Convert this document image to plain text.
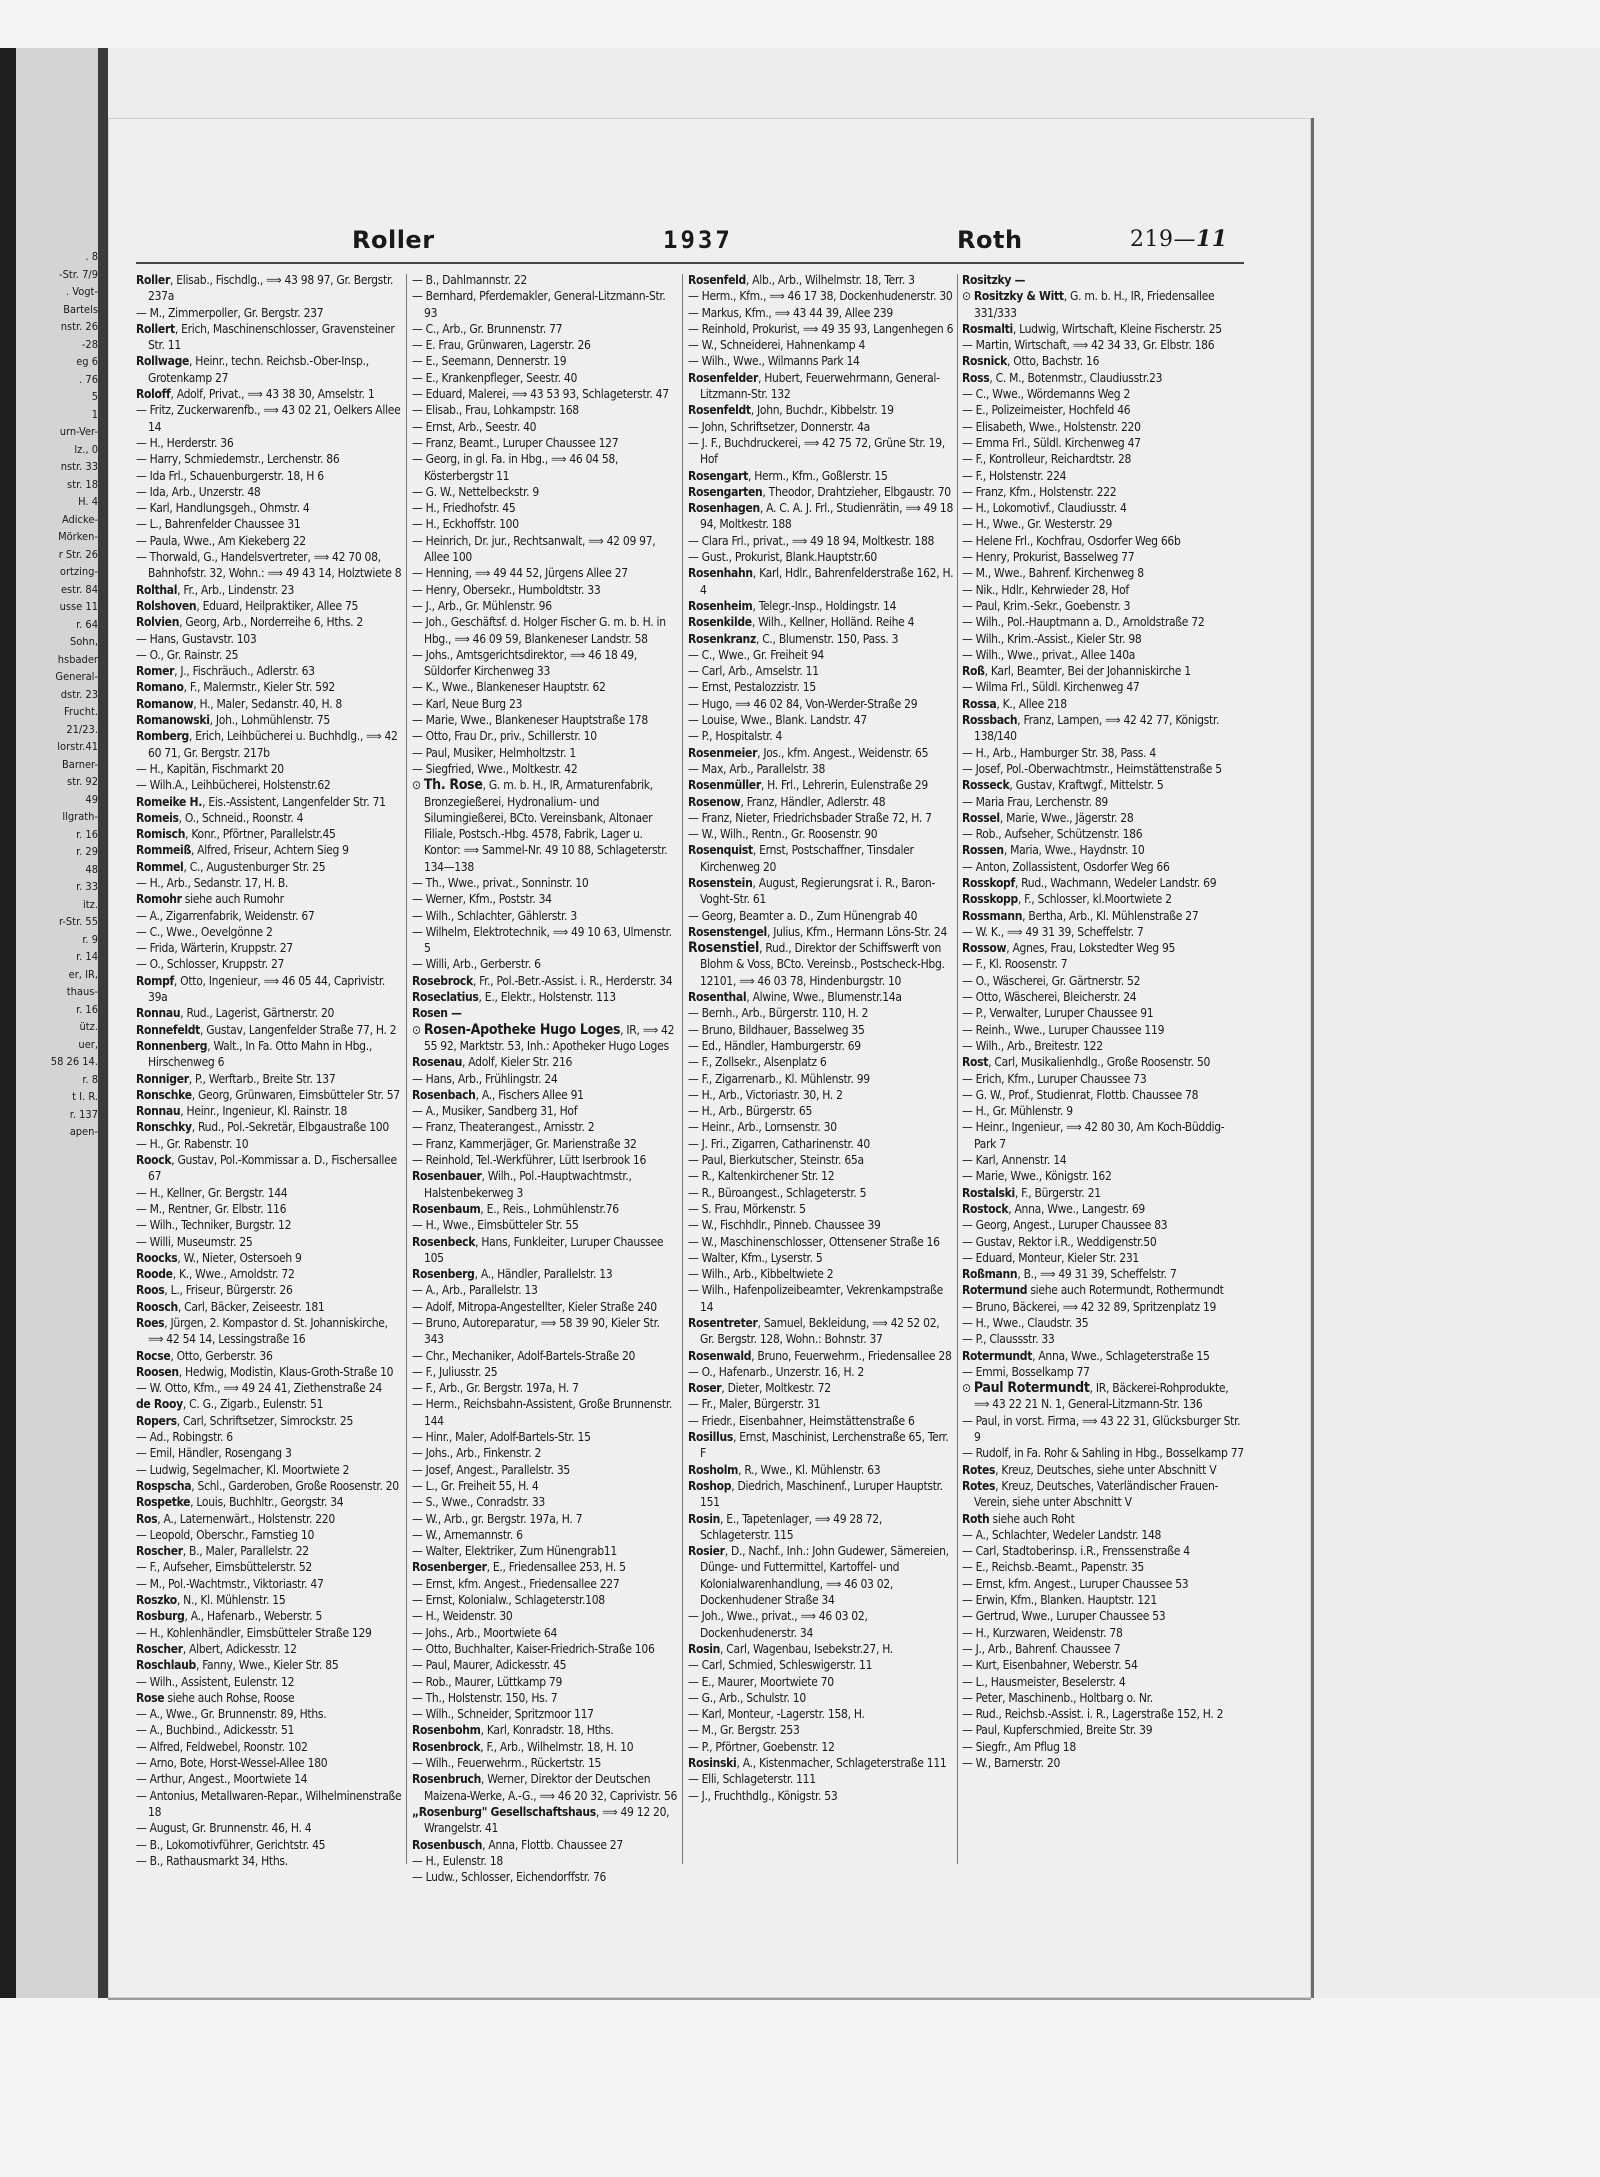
. 8
-Str. 7/9
. Vogt-
Bartels
nstr. 26
-28
eg 6
. 76
5
1
urn-Ver-
lz., 0
nstr. 33
str. 18
H. 4
Adicke-
Mörken-
r Str. 26
ortzing-
estr. 84
usse 11
r. 64
Sohn,
hsbader
General-
dstr. 23
Frucht.
21/23.
lorstr.41
Barner-
str. 92
49
llgrath-
r. 16
r. 29
48
r. 33
itz.
r-Str. 55
r. 9
r. 14
er, IR,
thaus-
r. 16
ütz.
uer,
58 26 14.
r. 8
t I. R.
r. 137
apen-
Roller	1937	Roth	219—11
Roller, Elisab., Fischdlg., ⟹ 43 98 97, Gr. Bergstr. 237a
— M., Zimmerpoller, Gr. Bergstr. 237
Rollert, Erich, Maschinenschlosser, Gravensteiner Str. 11
Rollwage, Heinr., techn. Reichsb.-Ober-Insp., Grotenkamp 27
Roloff, Adolf, Privat., ⟹ 43 38 30, Amselstr. 1
— Fritz, Zuckerwarenfb., ⟹ 43 02 21, Oelkers Allee 14
— H., Herderstr. 36
— Harry, Schmiedemstr., Lerchenstr. 86
— Ida Frl., Schauenburgerstr. 18, H 6
— Ida, Arb., Unzerstr. 48
— Karl, Handlungsgeh., Ohmstr. 4
— L., Bahrenfelder Chaussee 31
— Paula, Wwe., Am Kiekeberg 22
— Thorwald, G., Handelsvertreter, ⟹ 42 70 08, Bahnhofstr. 32, Wohn.: ⟹ 49 43 14, Holztwiete 8
Rolthal, Fr., Arb., Lindenstr. 23
Rolshoven, Eduard, Heilpraktiker, Allee 75
Rolvien, Georg, Arb., Norderreihe 6, Hths. 2
— Hans, Gustavstr. 103
— O., Gr. Rainstr. 25
Romer, J., Fischräuch., Adlerstr. 63
Romano, F., Malermstr., Kieler Str. 592
Romanow, H., Maler, Sedanstr. 40, H. 8
Romanowski, Joh., Lohmühlenstr. 75
Romberg, Erich, Leihbücherei u. Buchhdlg., ⟹ 42 60 71, Gr. Bergstr. 217b
— H., Kapitän, Fischmarkt 20
— Wilh.A., Leihbücherei, Holstenstr.62
Romeike H., Eis.-Assistent, Langenfelder Str. 71
Romeis, O., Schneid., Roonstr. 4
Romisch, Konr., Pförtner, Parallelstr.45
Rommeiß, Alfred, Friseur, Achtern Sieg 9
Rommel, C., Augustenburger Str. 25
— H., Arb., Sedanstr. 17, H. B.
Romohr siehe auch Rumohr
— A., Zigarrenfabrik, Weidenstr. 67
— C., Wwe., Oevelgönne 2
— Frida, Wärterin, Kruppstr. 27
— O., Schlosser, Kruppstr. 27
Rompf, Otto, Ingenieur, ⟹ 46 05 44, Caprivistr. 39a
Ronnau, Rud., Lagerist, Gärtnerstr. 20
Ronnefeldt, Gustav, Langenfelder Straße 77, H. 2
Ronnenberg, Walt., In Fa. Otto Mahn in Hbg., Hirschenweg 6
Ronniger, P., Werftarb., Breite Str. 137
Ronschke, Georg, Grünwaren, Eimsbütteler Str. 57
Ronnau, Heinr., Ingenieur, Kl. Rainstr. 18
Ronschky, Rud., Pol.-Sekretär, Elbgaustraße 100
— H., Gr. Rabenstr. 10
Roock, Gustav, Pol.-Kommissar a. D., Fischersallee 67
— H., Kellner, Gr. Bergstr. 144
— M., Rentner, Gr. Elbstr. 116
— Wilh., Techniker, Burgstr. 12
— Willi, Museumstr. 25
Roocks, W., Nieter, Ostersoeh 9
Roode, K., Wwe., Arnoldstr. 72
Roos, L., Friseur, Bürgerstr. 26
Roosch, Carl, Bäcker, Zeiseestr. 181
Roes, Jürgen, 2. Kompastor d. St. Johanniskirche, ⟹ 42 54 14, Lessingstraße 16
Rocse, Otto, Gerberstr. 36
Roosen, Hedwig, Modistin, Klaus-Groth-Straße 10
— W. Otto, Kfm., ⟹ 49 24 41, Ziethenstraße 24
de Rooy, C. G., Zigarb., Eulenstr. 51
Ropers, Carl, Schriftsetzer, Simrockstr. 25
— Ad., Robingstr. 6
— Emil, Händler, Rosengang 3
— Ludwig, Segelmacher, Kl. Moortwiete 2
Rospscha, Schl., Garderoben, Große Roosenstr. 20
Rospetke, Louis, Buchhltr., Georgstr. 34
Ros, A., Laternenwärt., Holstenstr. 220
— Leopold, Oberschr., Farnstieg 10
Roscher, B., Maler, Parallelstr. 22
— F., Aufseher, Eimsbüttelerstr. 52
— M., Pol.-Wachtmstr., Viktoriastr. 47
Roszko, N., Kl. Mühlenstr. 15
Rosburg, A., Hafenarb., Weberstr. 5
— H., Kohlenhändler, Eimsbütteler Straße 129
Roscher, Albert, Adickesstr. 12
Roschlaub, Fanny, Wwe., Kieler Str. 85
— Wilh., Assistent, Eulenstr. 12
Rose siehe auch Rohse, Roose
— A., Wwe., Gr. Brunnenstr. 89, Hths.
— A., Buchbind., Adickesstr. 51
— Alfred, Feldwebel, Roonstr. 102
— Arno, Bote, Horst-Wessel-Allee 180
— Arthur, Angest., Moortwiete 14
— Antonius, Metallwaren-Repar., Wilhelminenstraße 18
— August, Gr. Brunnenstr. 46, H. 4
— B., Lokomotivführer, Gerichtstr. 45
— B., Rathausmarkt 34, Hths.
— B., Dahlmannstr. 22
— Bernhard, Pferdemakler, General-Litzmann-Str. 93
— C., Arb., Gr. Brunnenstr. 77
— E. Frau, Grünwaren, Lagerstr. 26
— E., Seemann, Dennerstr. 19
— E., Krankenpfleger, Seestr. 40
— Eduard, Malerei, ⟹ 43 53 93, Schlageterstr. 47
— Elisab., Frau, Lohkampstr. 168
— Ernst, Arb., Seestr. 40
— Franz, Beamt., Luruper Chaussee 127
— Georg, in gl. Fa. in Hbg., ⟹ 46 04 58, Kösterbergstr 11
— G. W., Nettelbeckstr. 9
— H., Friedhofstr. 45
— H., Eckhoffstr. 100
— Heinrich, Dr. jur., Rechtsanwalt, ⟹ 42 09 97, Allee 100
— Henning, ⟹ 49 44 52, Jürgens Allee 27
— Henry, Obersekr., Humboldtstr. 33
— J., Arb., Gr. Mühlenstr. 96
— Joh., Geschäftsf. d. Holger Fischer G. m. b. H. in Hbg., ⟹ 46 09 59, Blankeneser Landstr. 58
— Johs., Amtsgerichtsdirektor, ⟹ 46 18 49, Süldorfer Kirchenweg 33
— K., Wwe., Blankeneser Hauptstr. 62
— Karl, Neue Burg 23
— Marie, Wwe., Blankeneser Hauptstraße 178
— Otto, Frau Dr., priv., Schillerstr. 10
— Paul, Musiker, Helmholtzstr. 1
— Siegfried, Wwe., Moltkestr. 42
⊙ Th. Rose, G. m. b. H., IR, Armaturenfabrik, Bronzegießerei, Hydronalium- und Silumingießerei, BCto. Vereinsbank, Altonaer Filiale, Postsch.-Hbg. 4578, Fabrik, Lager u. Kontor: ⟹ Sammel-Nr. 49 10 88, Schlageterstr. 134—138
— Th., Wwe., privat., Sonninstr. 10
— Werner, Kfm., Poststr. 34
— Wilh., Schlachter, Gählerstr. 3
— Wilhelm, Elektrotechnik, ⟹ 49 10 63, Ulmenstr. 5
— Willi, Arb., Gerberstr. 6
Rosebrock, Fr., Pol.-Betr.-Assist. i. R., Herderstr. 34
Roseclatius, E., Elektr., Holstenstr. 113
Rosen —
⊙ Rosen-Apotheke Hugo Loges, IR, ⟹ 42 55 92, Marktstr. 53, Inh.: Apotheker Hugo Loges
Rosenau, Adolf, Kieler Str. 216
— Hans, Arb., Frühlingstr. 24
Rosenbach, A., Fischers Allee 91
— A., Musiker, Sandberg 31, Hof
— Franz, Theaterangest., Arnisstr. 2
— Franz, Kammerjäger, Gr. Marienstraße 32
— Reinhold, Tel.-Werkführer, Lütt Iserbrook 16
Rosenbauer, Wilh., Pol.-Hauptwachtmstr., Halstenbekerweg 3
Rosenbaum, E., Reis., Lohmühlenstr.76
— H., Wwe., Eimsbütteler Str. 55
Rosenbeck, Hans, Funkleiter, Luruper Chaussee 105
Rosenberg, A., Händler, Parallelstr. 13
— A., Arb., Parallelstr. 13
— Adolf, Mitropa-Angestellter, Kieler Straße 240
— Bruno, Autoreparatur, ⟹ 58 39 90, Kieler Str. 343
— Chr., Mechaniker, Adolf-Bartels-Straße 20
— F., Juliusstr. 25
— F., Arb., Gr. Bergstr. 197a, H. 7
— Herm., Reichsbahn-Assistent, Große Brunnenstr. 144
— Hinr., Maler, Adolf-Bartels-Str. 15
— Johs., Arb., Finkenstr. 2
— Josef, Angest., Parallelstr. 35
— L., Gr. Freiheit 55, H. 4
— S., Wwe., Conradstr. 33
— W., Arb., gr. Bergstr. 197a, H. 7
— W., Arnemannstr. 6
— Walter, Elektriker, Zum Hünengrab11
Rosenberger, E., Friedensallee 253, H. 5
— Ernst, kfm. Angest., Friedensallee 227
— Ernst, Kolonialw., Schlageterstr.108
— H., Weidenstr. 30
— Johs., Arb., Moortwiete 64
— Otto, Buchhalter, Kaiser-Friedrich-Straße 106
— Paul, Maurer, Adickesstr. 45
— Rob., Maurer, Lüttkamp 79
— Th., Holstenstr. 150, Hs. 7
— Wilh., Schneider, Spritzmoor 117
Rosenbohm, Karl, Konradstr. 18, Hths.
Rosenbrock, F., Arb., Wilhelmstr. 18, H. 10
— Wilh., Feuerwehrm., Rückertstr. 15
Rosenbruch, Werner, Direktor der Deutschen Maizena-Werke, A.-G., ⟹ 46 20 32, Caprivistr. 56
„Rosenburg" Gesellschaftshaus, ⟹ 49 12 20, Wrangelstr. 41
Rosenbusch, Anna, Flottb. Chaussee 27
— H., Eulenstr. 18
— Ludw., Schlosser, Eichendorffstr. 76
Rosenfeld, Alb., Arb., Wilhelmstr. 18, Terr. 3
— Herm., Kfm., ⟹ 46 17 38, Dockenhudenerstr. 30
— Markus, Kfm., ⟹ 43 44 39, Allee 239
— Reinhold, Prokurist, ⟹ 49 35 93, Langenhegen 6
— W., Schneiderei, Hahnenkamp 4
— Wilh., Wwe., Wilmanns Park 14
Rosenfelder, Hubert, Feuerwehrmann, General-Litzmann-Str. 132
Rosenfeldt, John, Buchdr., Kibbelstr. 19
— John, Schriftsetzer, Donnerstr. 4a
— J. F., Buchdruckerei, ⟹ 42 75 72, Grüne Str. 19, Hof
Rosengart, Herm., Kfm., Goßlerstr. 15
Rosengarten, Theodor, Drahtzieher, Elbgaustr. 70
Rosenhagen, A. C. A. J. Frl., Studienrätin, ⟹ 49 18 94, Moltkestr. 188
— Clara Frl., privat., ⟹ 49 18 94, Moltkestr. 188
— Gust., Prokurist, Blank.Hauptstr.60
Rosenhahn, Karl, Hdlr., Bahrenfelderstraße 162, H. 4
Rosenheim, Telegr.-Insp., Holdingstr. 14
Rosenkilde, Wilh., Kellner, Holländ. Reihe 4
Rosenkranz, C., Blumenstr. 150, Pass. 3
— C., Wwe., Gr. Freiheit 94
— Carl, Arb., Amselstr. 11
— Ernst, Pestalozzistr. 15
— Hugo, ⟹ 46 02 84, Von-Werder-Straße 29
— Louise, Wwe., Blank. Landstr. 47
— P., Hospitalstr. 4
Rosenmeier, Jos., kfm. Angest., Weidenstr. 65
— Max, Arb., Parallelstr. 38
Rosenmüller, H. Frl., Lehrerin, Eulenstraße 29
Rosenow, Franz, Händler, Adlerstr. 48
— Franz, Nieter, Friedrichsbader Straße 72, H. 7
— W., Wilh., Rentn., Gr. Roosenstr. 90
Rosenquist, Ernst, Postschaffner, Tinsdaler Kirchenweg 20
Rosenstein, August, Regierungsrat i. R., Baron-Voght-Str. 61
— Georg, Beamter a. D., Zum Hünengrab 40
Rosenstengel, Julius, Kfm., Hermann Löns-Str. 24
Rosenstiel, Rud., Direktor der Schiffswerft von Blohm & Voss, BCto. Vereinsb., Postscheck-Hbg. 12101, ⟹ 46 03 78, Hindenburgstr. 10
Rosenthal, Alwine, Wwe., Blumenstr.14a
— Bernh., Arb., Bürgerstr. 110, H. 2
— Bruno, Bildhauer, Basselweg 35
— Ed., Händler, Hamburgerstr. 69
— F., Zollsekr., Alsenplatz 6
— F., Zigarrenarb., Kl. Mühlenstr. 99
— H., Arb., Victoriastr. 30, H. 2
— H., Arb., Bürgerstr. 65
— Heinr., Arb., Lornsenstr. 30
— J. Fri., Zigarren, Catharinenstr. 40
— Paul, Bierkutscher, Steinstr. 65a
— R., Kaltenkirchener Str. 12
— R., Büroangest., Schlageterstr. 5
— S. Frau, Mörkenstr. 5
— W., Fischhdlr., Pinneb. Chaussee 39
— W., Maschinenschlosser, Ottensener Straße 16
— Walter, Kfm., Lyserstr. 5
— Wilh., Arb., Kibbeltwiete 2
— Wilh., Hafenpolizeibeamter, Vekrenkampstraße 14
Rosentreter, Samuel, Bekleidung, ⟹ 42 52 02, Gr. Bergstr. 128, Wohn.: Bohnstr. 37
Rosenwald, Bruno, Feuerwehrm., Friedensallee 28
— O., Hafenarb., Unzerstr. 16, H. 2
Roser, Dieter, Moltkestr. 72
— Fr., Maler, Bürgerstr. 31
— Friedr., Eisenbahner, Heimstättenstraße 6
Rosillus, Ernst, Maschinist, Lerchenstraße 65, Terr. F
Rosholm, R., Wwe., Kl. Mühlenstr. 63
Roshop, Diedrich, Maschinenf., Luruper Hauptstr. 151
Rosin, E., Tapetenlager, ⟹ 49 28 72, Schlageterstr. 115
Rosier, D., Nachf., Inh.: John Gudewer, Sämereien, Dünge- und Futtermittel, Kartoffel- und Kolonialwarenhandlung, ⟹ 46 03 02, Dockenhudener Straße 34
— Joh., Wwe., privat., ⟹ 46 03 02, Dockenhudenerstr. 34
Rosin, Carl, Wagenbau, Isebekstr.27, H.
— Carl, Schmied, Schleswigerstr. 11
— E., Maurer, Moortwiete 70
— G., Arb., Schulstr. 10
— Karl, Monteur, -Lagerstr. 158, H.
— M., Gr. Bergstr. 253
— P., Pförtner, Goebenstr. 12
Rosinski, A., Kistenmacher, Schlageterstraße 111
— Elli, Schlageterstr. 111
— J., Fruchthdlg., Königstr. 53
Rositzky —
⊙ Rositzky & Witt, G. m. b. H., IR, Friedensallee 331/333
Rosmalti, Ludwig, Wirtschaft, Kleine Fischerstr. 25
— Martin, Wirtschaft, ⟹ 42 34 33, Gr. Elbstr. 186
Rosnick, Otto, Bachstr. 16
Ross, C. M., Botenmstr., Claudiusstr.23
— C., Wwe., Wördemanns Weg 2
— E., Polizeimeister, Hochfeld 46
— Elisabeth, Wwe., Holstenstr. 220
— Emma Frl., Süldl. Kirchenweg 47
— F., Kontrolleur, Reichardtstr. 28
— F., Holstenstr. 224
— Franz, Kfm., Holstenstr. 222
— H., Lokomotivf., Claudiusstr. 4
— H., Wwe., Gr. Westerstr. 29
— Helene Frl., Kochfrau, Osdorfer Weg 66b
— Henry, Prokurist, Basselweg 77
— M., Wwe., Bahrenf. Kirchenweg 8
— Nik., Hdlr., Kehrwieder 28, Hof
— Paul, Krim.-Sekr., Goebenstr. 3
— Wilh., Pol.-Hauptmann a. D., Arnoldstraße 72
— Wilh., Krim.-Assist., Kieler Str. 98
— Wilh., Wwe., privat., Allee 140a
Roß, Karl, Beamter, Bei der Johanniskirche 1
— Wilma Frl., Süldl. Kirchenweg 47
Rossa, K., Allee 218
Rossbach, Franz, Lampen, ⟹ 42 42 77, Königstr. 138/140
— H., Arb., Hamburger Str. 38, Pass. 4
— Josef, Pol.-Oberwachtmstr., Heimstättenstraße 5
Rosseck, Gustav, Kraftwgf., Mittelstr. 5
— Maria Frau, Lerchenstr. 89
Rossel, Marie, Wwe., Jägerstr. 28
— Rob., Aufseher, Schützenstr. 186
Rossen, Maria, Wwe., Haydnstr. 10
— Anton, Zollassistent, Osdorfer Weg 66
Rosskopf, Rud., Wachmann, Wedeler Landstr. 69
Rosskopp, F., Schlosser, kl.Moortwiete 2
Rossmann, Bertha, Arb., Kl. Mühlenstraße 27
— W. K., ⟹ 49 31 39, Scheffelstr. 7
Rossow, Agnes, Frau, Lokstedter Weg 95
— F., Kl. Roosenstr. 7
— O., Wäscherei, Gr. Gärtnerstr. 52
— Otto, Wäscherei, Bleicherstr. 24
— P., Verwalter, Luruper Chaussee 91
— Reinh., Wwe., Luruper Chaussee 119
— Wilh., Arb., Breitestr. 122
Rost, Carl, Musikalienhdlg., Große Roosenstr. 50
— Erich, Kfm., Luruper Chaussee 73
— G. W., Prof., Studienrat, Flottb. Chaussee 78
— H., Gr. Mühlenstr. 9
— Heinr., Ingenieur, ⟹ 42 80 30, Am Koch-Büddig-Park 7
— Karl, Annenstr. 14
— Marie, Wwe., Königstr. 162
Rostalski, F., Bürgerstr. 21
Rostock, Anna, Wwe., Langestr. 69
— Georg, Angest., Luruper Chaussee 83
— Gustav, Rektor i.R., Weddigenstr.50
— Eduard, Monteur, Kieler Str. 231
Roßmann, B., ⟹ 49 31 39, Scheffelstr. 7
Rotermund siehe auch Rotermundt, Rothermundt
— Bruno, Bäckerei, ⟹ 42 32 89, Spritzenplatz 19
— H., Wwe., Claudstr. 35
— P., Claussstr. 33
Rotermundt, Anna, Wwe., Schlageterstraße 15
— Emmi, Bosselkamp 77
⊙ Paul Rotermundt, IR, Bäckerei-Rohprodukte, ⟹ 43 22 21 N. 1, General-Litzmann-Str. 136
— Paul, in vorst. Firma, ⟹ 43 22 31, Glücksburger Str. 9
— Rudolf, in Fa. Rohr & Sahling in Hbg., Bosselkamp 77
Rotes, Kreuz, Deutsches, siehe unter Abschnitt V
Rotes, Kreuz, Deutsches, Vaterländischer Frauen-Verein, siehe unter Abschnitt V
Roth siehe auch Roht
— A., Schlachter, Wedeler Landstr. 148
— Carl, Stadtoberinsp. i.R., Frenssenstraße 4
— E., Reichsb.-Beamt., Papenstr. 35
— Ernst, kfm. Angest., Luruper Chaussee 53
— Erwin, Kfm., Blanken. Hauptstr. 121
— Gertrud, Wwe., Luruper Chaussee 53
— H., Kurzwaren, Weidenstr. 78
— J., Arb., Bahrenf. Chaussee 7
— Kurt, Eisenbahner, Weberstr. 54
— L., Hausmeister, Beselerstr. 4
— Peter, Maschinenb., Holtbarg o. Nr.
— Rud., Reichsb.-Assist. i. R., Lagerstraße 152, H. 2
— Paul, Kupferschmied, Breite Str. 39
— Siegfr., Am Pflug 18
— W., Barnerstr. 20
